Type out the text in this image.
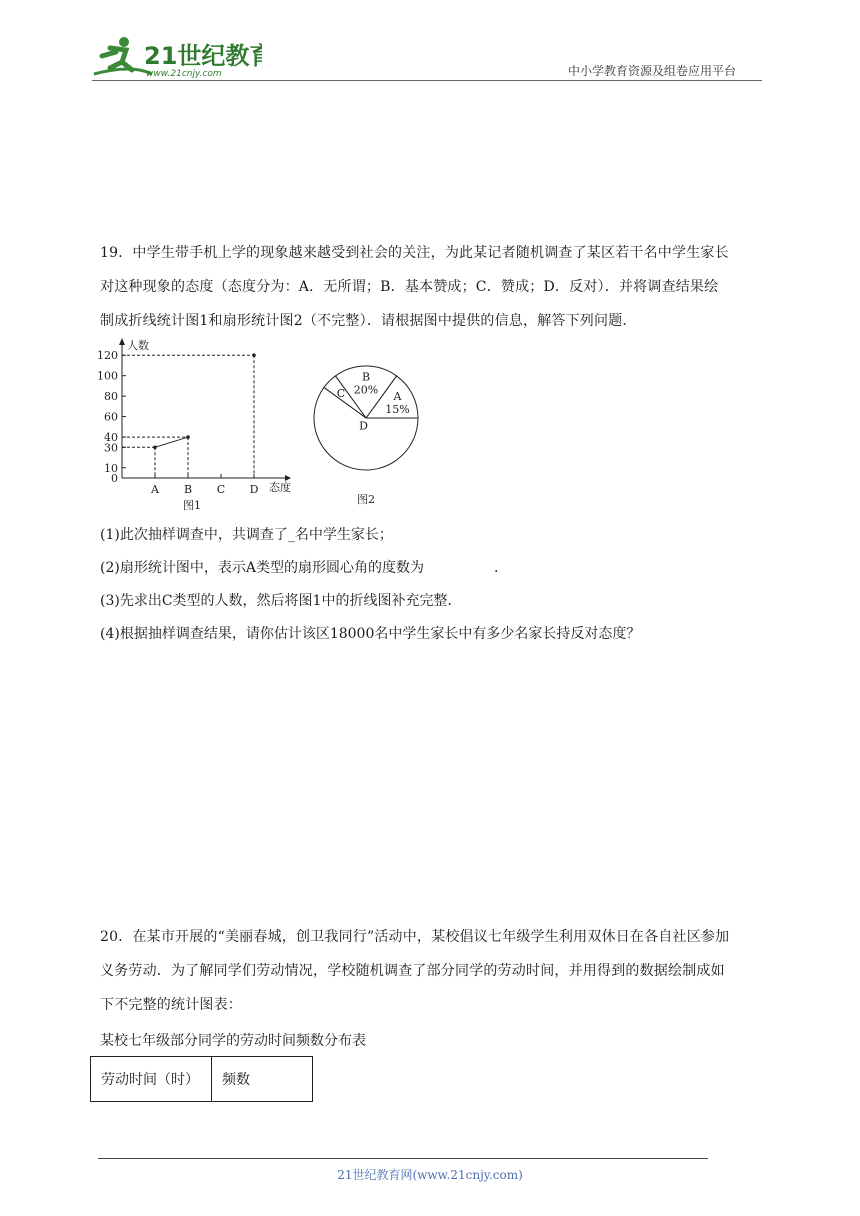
21世纪教育
www.21cnjy.com	中小学教育资源及组卷应用平台
19．中学生带手机上学的现象越来越受到社会的关注，为此某记者随机调查了某区若干名中学生家长
对这种现象的态度（态度分为：A．无所谓；B．基本赞成；C．赞成；D．反对）．并将调查结果绘
制成折线统计图1和扇形统计图2（不完整）．请根据图中提供的信息，解答下列问题．
人数
态度
0
10
30
40
60
80
100
120
A B C D
图1
A
15%
B
20%
C
D
图2
(1)此次抽样调查中，共调查了_名中学生家长；
(2)扇形统计图中，表示A类型的扇形圆心角的度数为	.
(3)先求出C类型的人数，然后将图1中的折线图补充完整．
(4)根据抽样调查结果，请你估计该区18000名中学生家长中有多少名家长持反对态度？
20．在某市开展的“美丽春城，创卫我同行”活动中，某校倡议七年级学生利用双休日在各自社区参加
义务劳动．为了解同学们劳动情况，学校随机调查了部分同学的劳动时间，并用得到的数据绘制成如
下不完整的统计图表：
某校七年级部分同学的劳动时间频数分布表
劳动时间（时）	频数
21世纪教育网(www.21cnjy.com)
